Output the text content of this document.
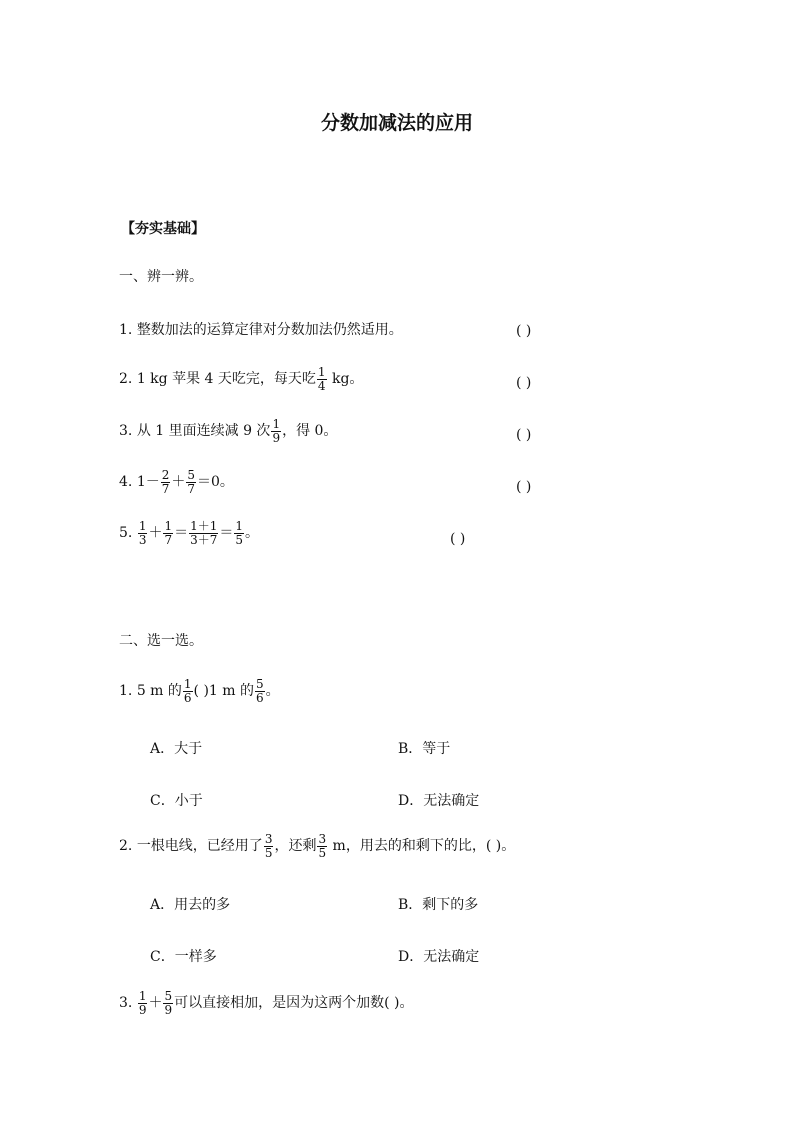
分数加减法的应用
【夯实基础】
一、辨一辨。
1. 整数加法的运算定律对分数加法仍然适用。	( )
2. 1 kg 苹果 4 天吃完，每天吃 $\frac{1}{4}$ kg。	( )
3. 从 1 里面连续减 9 次 $\frac{1}{9}$ ，得 0。	( )
4. $1- \frac{2}{7} + \frac{5}{7} =0$。	( )
5. $\frac{1}{3} + \frac{1}{7} = \frac{1+1}{3+7} = \frac{1}{5}$ 。	( )
二、选一选。
1. 5 m 的 $\frac{1}{6}$ ( )1 m 的 $\frac{5}{6}$ 。
A．大于	B．等于
C．小于	D．无法确定
2. 一根电线，已经用了 $\frac{3}{5}$ ，还剩 $\frac{3}{5}$ m，用去的和剩下的比，( )。
A．用去的多	B．剩下的多
C．一样多	D．无法确定
3. $\frac{1}{9} + \frac{5}{9}$ 可以直接相加，是因为这两个加数( )。
